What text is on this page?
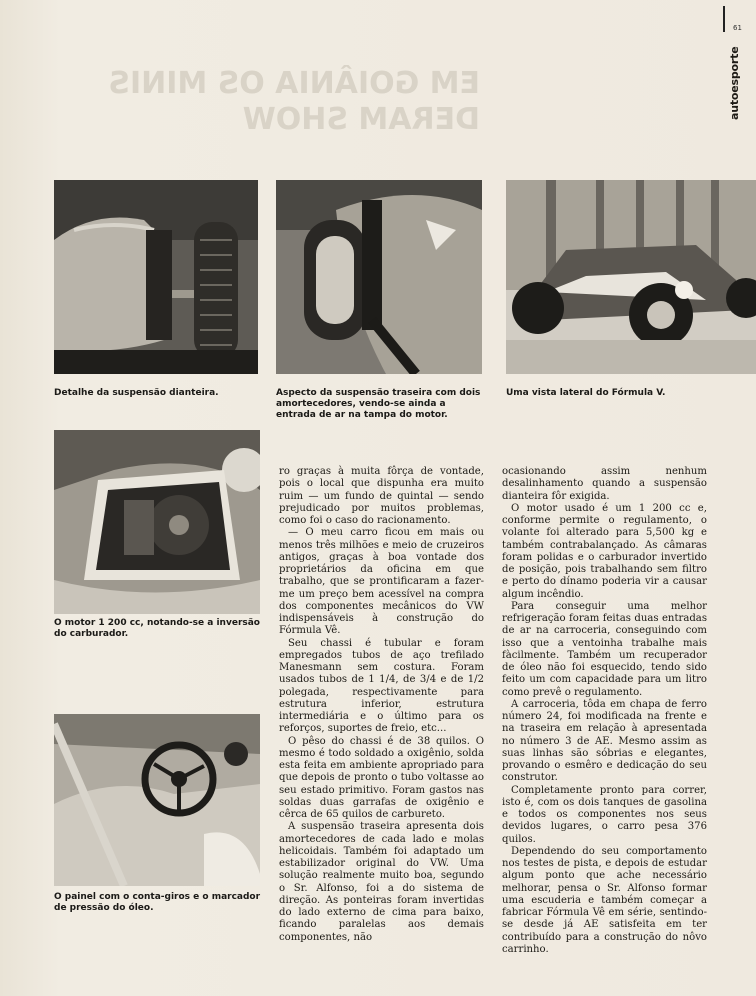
61
autoesporte
EM GOIÂNIA OS MINIS DERAM SHOW
Detalhe da suspensão dianteira.	Aspecto da suspensão traseira com dois amortecedores, vendo-se ainda a entrada de ar na tampa do motor.
Uma vista lateral do Fórmula V.
O motor 1 200 cc, notando-se a inversão do carburador.
O painel com o conta-giros e o marcador de pressão do óleo.

ro graças à muita fôrça de vontade, pois o local que dispunha era muito ruim — um fundo de quintal — sendo prejudicado por muitos problemas, como foi o caso do racionamento.

— O meu carro ficou em mais ou menos três milhões e meio de cruzeiros antigos, graças à boa vontade dos proprietários da oficina em que trabalho, que se prontificaram a fazer-me um preço bem acessível na compra dos componentes mecânicos do VW indispensáveis à construção do Fórmula Vê.

Seu chassi é tubular e foram empregados tubos de aço trefilado Manesmann sem costura. Foram usados tubos de 1 1/4, de 3/4 e de 1/2 polegada, respectivamente para estrutura inferior, estrutura intermediária e o último para os reforços, suportes de freio, etc...

O pêso do chassi é de 38 quilos. O mesmo é todo soldado a oxigênio, solda esta feita em ambiente apropriado para que depois de pronto o tubo voltasse ao seu estado primitivo. Foram gastos nas soldas duas garrafas de oxigênio e cêrca de 65 quilos de carbureto.

A suspensão traseira apresenta dois amortecedores de cada lado e molas helicoidais. Também foi adaptado um estabilizador original do VW. Uma solução realmente muito boa, segundo o Sr. Alfonso, foi a do sistema de direção. As ponteiras foram invertidas do lado externo de cima para baixo, ficando paralelas aos demais componentes, não

ocasionando assim nenhum desalinhamento quando a suspensão dianteira fôr exigida.

O motor usado é um 1 200 cc e, conforme permite o regulamento, o volante foi alterado para 5,500 kg e também contrabalançado. As câmaras foram polidas e o carburador invertido de posição, pois trabalhando sem filtro e perto do dínamo poderia vir a causar algum incêndio.

Para conseguir uma melhor refrigeração foram feitas duas entradas de ar na carroceria, conseguindo com isso que a ventoinha trabalhe mais fàcilmente. Também um recuperador de óleo não foi esquecido, tendo sido feito um com capacidade para um litro como prevê o regulamento.

A carroceria, tôda em chapa de ferro número 24, foi modificada na frente e na traseira em relação à apresentada no número 3 de AE. Mesmo assim as suas linhas são sóbrias e elegantes, provando o esmêro e dedicação do seu construtor.

Completamente pronto para correr, isto é, com os dois tanques de gasolina e todos os componentes nos seus devidos lugares, o carro pesa 376 quilos.

Dependendo do seu comportamento nos testes de pista, e depois de estudar algum ponto que ache necessário melhorar, pensa o Sr. Alfonso formar uma escuderia e também começar a fabricar Fórmula Vê em série, sentindo-se desde já AE satisfeita em ter contribuído para a construção do nôvo carrinho.
